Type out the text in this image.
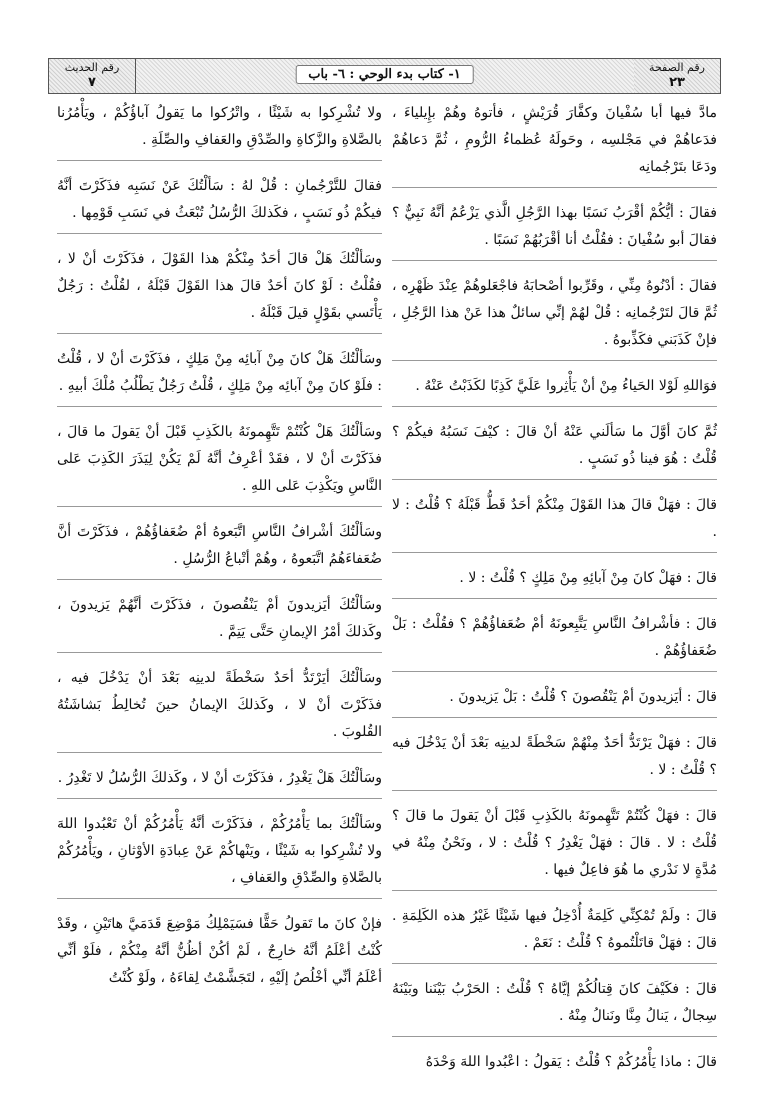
رقم الصفحة
٢٣
١- كتاب بدء الوحي : ٦- باب
رقم الحديث
٧

مادَّ فيها أبا سُفْيانَ وكفَّارَ قُرَيْشٍ ، فأتوهُ وهُمْ بإِيلياءَ ، فدَعاهُمْ في مَجْلسِه ، وحَولَهُ عُظماءُ الرُّومِ ، ثُمَّ دَعاهُمْ ودَعَا بتَرْجُمانِه

فقالَ : أيُّكُمْ أقْرَبُ نَسَبًا بهذا الرَّجُلِ الَّذي يَزْعُمُ أنَّهُ نَبِيٌّ ؟ فقالَ أبو سُفْيانَ : فقُلْتُ أنا أقْرَبُهُمْ نَسَبًا .

فقالَ : أدْنُوهُ مِنِّي ، وقَرِّبوا أصْحابَهُ فاجْعَلوهُمْ عِنْدَ ظَهْرِه ، ثُمَّ قالَ لتَرْجُمانِه : قُلْ لهُمْ إنِّي سائلٌ هذا عَنْ هذا الرَّجُلِ ، فإنْ كَذَبَني فكَذِّبوهُ .

فوَاللهِ لَوْلا الحَياءُ مِنْ أنْ يَأْثِروا عَلَيَّ كَذِبًا لكَذَبْتُ عَنْهُ .

ثُمَّ كانَ أوَّلَ ما سَألَني عَنْهُ أنْ قالَ : كيْفَ نَسَبُهُ فيكُمْ ؟ قُلْتُ : هُوَ فينا ذُو نَسَبٍ .

قالَ : فهَلْ قالَ هذا القَوْلَ مِنْكُمْ أحَدٌ قَطُّ قَبْلَهُ ؟ قُلْتُ : لا .

قالَ : فهَلْ كانَ مِنْ آبائِهِ مِنْ مَلِكٍ ؟ قُلْتُ : لا .

قالَ : فأشْرافُ النَّاسِ يَتَّبِعونَهُ أمْ ضُعَفاؤُهُمْ ؟ فقُلْتُ : بَلْ ضُعَفاؤُهُمْ .

قالَ : أيَزيدونَ أمْ يَنْقُصونَ ؟ قُلْتُ : بَلْ يَزيدونَ .

قالَ : فهَلْ يَرْتَدُّ أحَدٌ مِنْهُمْ سَخْطَةً لدينِه بَعْدَ أنْ يَدْخُلَ فيه ؟ قُلْتُ : لا .

قالَ : فهَلْ كُنْتُمْ تَتَّهِمونَهُ بالكَذِبِ قَبْلَ أنْ يَقولَ ما قالَ ؟ قُلْتُ : لا . قالَ : فهَلْ يَغْدِرُ ؟ قُلْتُ : لا ، ونَحْنُ مِنْهُ في مُدَّةٍ لا نَدْري ما هُوَ فاعِلٌ فيها .

قالَ : ولَمْ تُمْكِنِّي كَلِمَةٌ أُدْخِلُ فيها شَيْئًا غَيْرُ هذه الكَلِمَةِ . قالَ : فهَلْ قاتَلْتُموهُ ؟ قُلْتُ : نَعَمْ .

قالَ : فكَيْفَ كانَ قِتالُكُمْ إيَّاهُ ؟ قُلْتُ : الحَرْبُ بَيْنَنا وبَيْنَهُ سِجالٌ ، يَنالُ مِنَّا ونَنالُ مِنْهُ .

قالَ : ماذا يَأْمُرُكُمْ ؟ قُلْتُ : يَقولُ : اعْبُدوا اللهَ وَحْدَهُ

ولا تُشْرِكوا به شَيْئًا ، واتْرُكوا ما يَقولُ آباؤُكُمْ ، ويَأْمُرُنا بالصَّلاةِ والزَّكاةِ والصِّدْقِ والعَفافِ والصِّلَةِ .

فقالَ للتَّرْجُمانِ : قُلْ لهُ : سَألْتُكَ عَنْ نَسَبِه فذَكَرْتَ أنَّهُ فيكُمْ ذُو نَسَبٍ ، فكَذلكَ الرُّسُلُ تُبْعَثُ في نَسَبِ قَوْمِها .

وسَألْتُكَ هَلْ قالَ أحَدٌ مِنْكُمْ هذا القَوْلَ ، فذَكَرْتَ أنْ لا ، فقُلْتُ : لَوْ كانَ أحَدٌ قالَ هذا القَوْلَ قَبْلَهُ ، لقُلْتُ : رَجُلٌ يَأْتَسي بقَوْلٍ قيلَ قَبْلَهُ .

وسَألْتُكَ هَلْ كانَ مِنْ آبائِه مِنْ مَلِكٍ ، فذَكَرْتَ أنْ لا ، قُلْتُ : فلَوْ كانَ مِنْ آبائِه مِنْ مَلِكٍ ، قُلْتُ رَجُلٌ يَطْلُبُ مُلْكَ أبيهِ .

وسَألْتُكَ هَلْ كُنْتُمْ تَتَّهِمونَهُ بالكَذِبِ قَبْلَ أنْ يَقولَ ما قالَ ، فذَكَرْتَ أنْ لا ، فقَدْ أعْرِفُ أنَّهُ لَمْ يَكُنْ لِيَذَرَ الكَذِبَ عَلى النَّاسِ ويَكْذِبَ عَلى اللهِ .

وسَألْتُكَ أشْرافُ النَّاسِ اتَّبَعوهُ أمْ ضُعَفاؤُهُمْ ، فذَكَرْتَ أنَّ ضُعَفاءَهُمُ اتَّبَعوهُ ، وهُمْ أتْباعُ الرُّسُلِ .

وسَألْتُكَ أيَزيدونَ أمْ يَنْقُصونَ ، فذَكَرْتَ أنَّهُمْ يَزيدونَ ، وكَذلكَ أمْرُ الإيمانِ حَتَّى يَتِمَّ .

وسَألْتُكَ أيَرْتَدُّ أحَدٌ سَخْطَةً لدينِه بَعْدَ أنْ يَدْخُلَ فيه ، فذَكَرْتَ أنْ لا ، وكَذلكَ الإيمانُ حينَ تُخالِطُ بَشاشَتُهُ القُلوبَ .

وسَألْتُكَ هَلْ يَغْدِرُ ، فذَكَرْتَ أنْ لا ، وكَذلكَ الرُّسُلُ لا تَغْدِرُ .

وسَألْتُكَ بما يَأْمُرُكُمْ ، فذَكَرْتَ أنَّهُ يَأْمُرُكُمْ أنْ تَعْبُدوا اللهَ ولا تُشْرِكوا به شَيْئًا ، ويَنْهاكُمْ عَنْ عِبادَةِ الأوْثانِ ، ويَأْمُرُكُمْ بالصَّلاةِ والصِّدْقِ والعَفافِ ،

فإنْ كانَ ما تَقولُ حَقًّا فسَيَمْلِكُ مَوْضِعَ قَدَمَيَّ هاتَيْنِ ، وقَدْ كُنْتُ أعْلَمُ أنَّهُ خارِجٌ ، لَمْ أكُنْ أظُنُّ أنَّهُ مِنْكُمْ ، فلَوْ أنِّي أعْلَمُ أنِّي أخْلُصُ إلَيْهِ ، لتَجَشَّمْتُ لِقاءَهُ ، ولَوْ كُنْتُ
